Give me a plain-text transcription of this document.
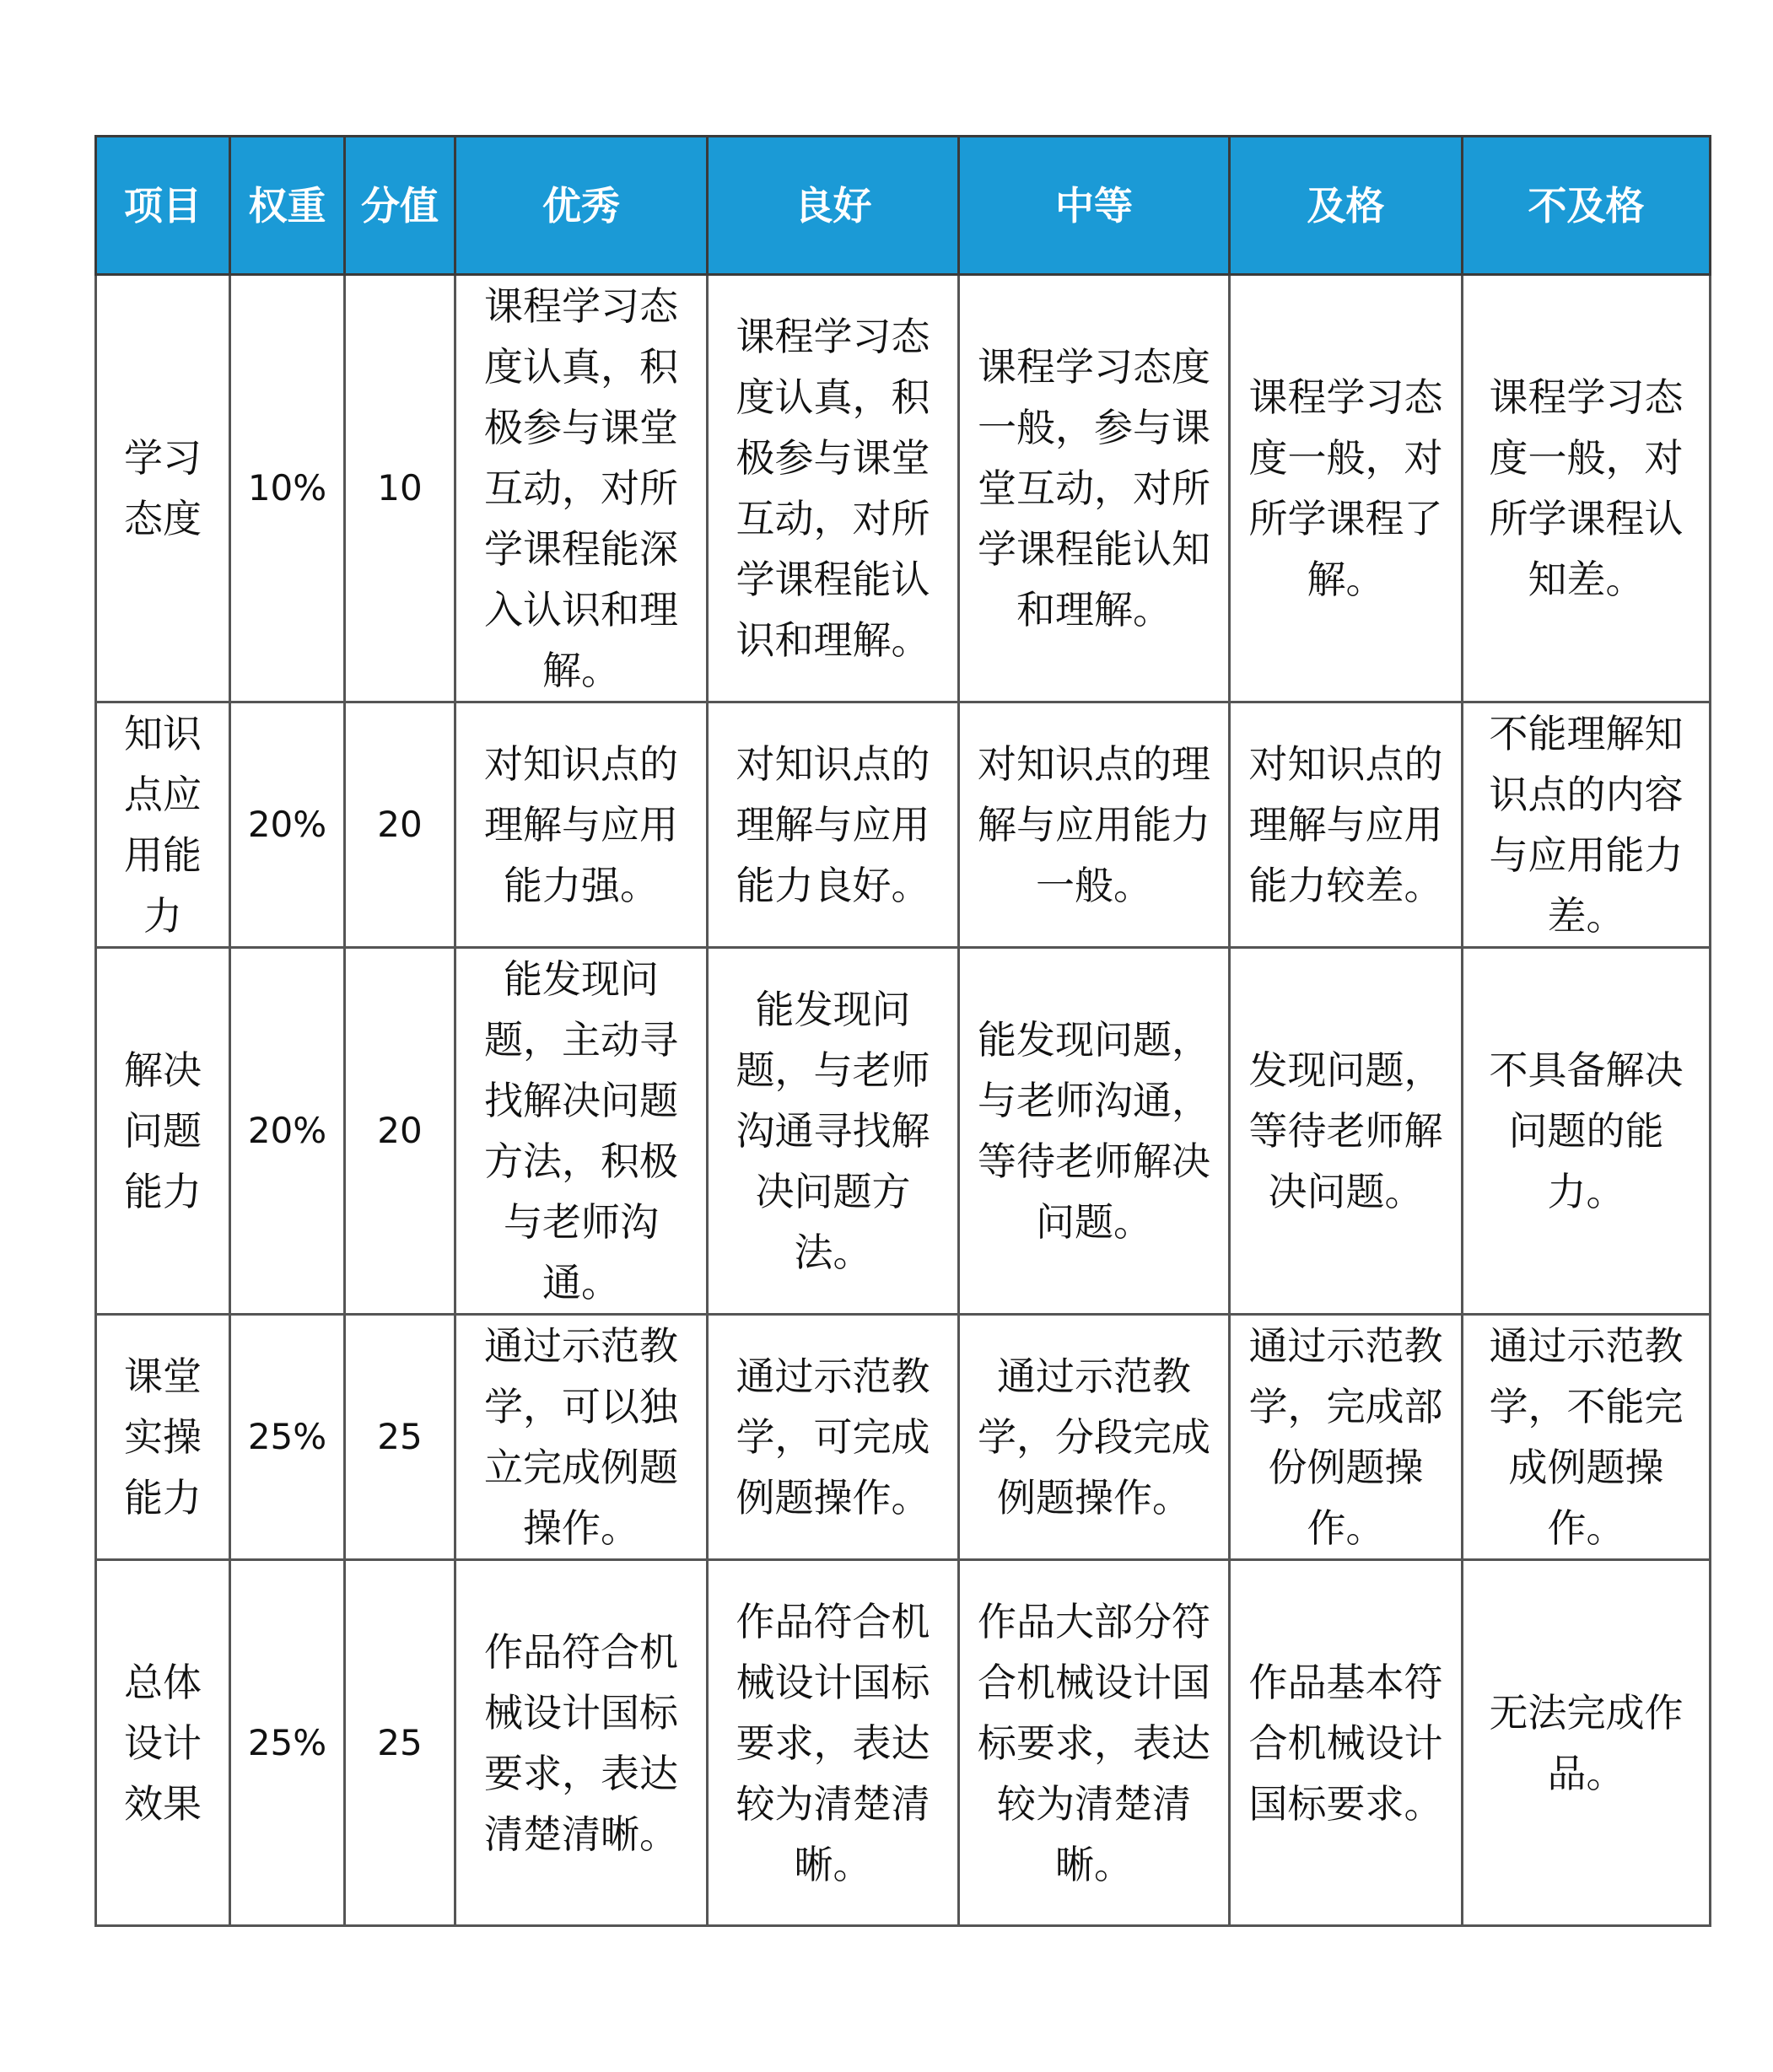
项目	权重	分值	优秀	良好	中等	及格	不及格

学习态度	10%	10	课程学习态度认真，积极参与课堂互动，对所学课程能深入认识和理解。	课程学习态度认真，积极参与课堂互动，对所学课程能认识和理解。	课程学习态度一般，参与课堂互动，对所学课程能认知和理解。	课程学习态度一般，对所学课程了解。	课程学习态度一般，对所学课程认知差。

知识点应用能力	20%	20	对知识点的理解与应用能力强。	对知识点的理解与应用能力良好。	对知识点的理解与应用能力一般。	对知识点的理解与应用能力较差。	不能理解知识点的内容与应用能力差。

解决问题能力	20%	20	能发现问题，主动寻找解决问题方法，积极与老师沟通。	能发现问题，与老师沟通寻找解决问题方法。	能发现问题，与老师沟通，等待老师解决问题。	发现问题，等待老师解决问题。	不具备解决问题的能力。

课堂实操能力	25%	25	通过示范教学，可以独立完成例题操作。	通过示范教学，可完成例题操作。	通过示范教学，分段完成例题操作。	通过示范教学，完成部份例题操作。	通过示范教学，不能完成例题操作。

总体设计效果	25%	25	作品符合机械设计国标要求，表达清楚清晰。	作品符合机械设计国标要求，表达较为清楚清晰。	作品大部分符合机械设计国标要求，表达较为清楚清晰。	作品基本符合机械设计国标要求。	无法完成作品。
